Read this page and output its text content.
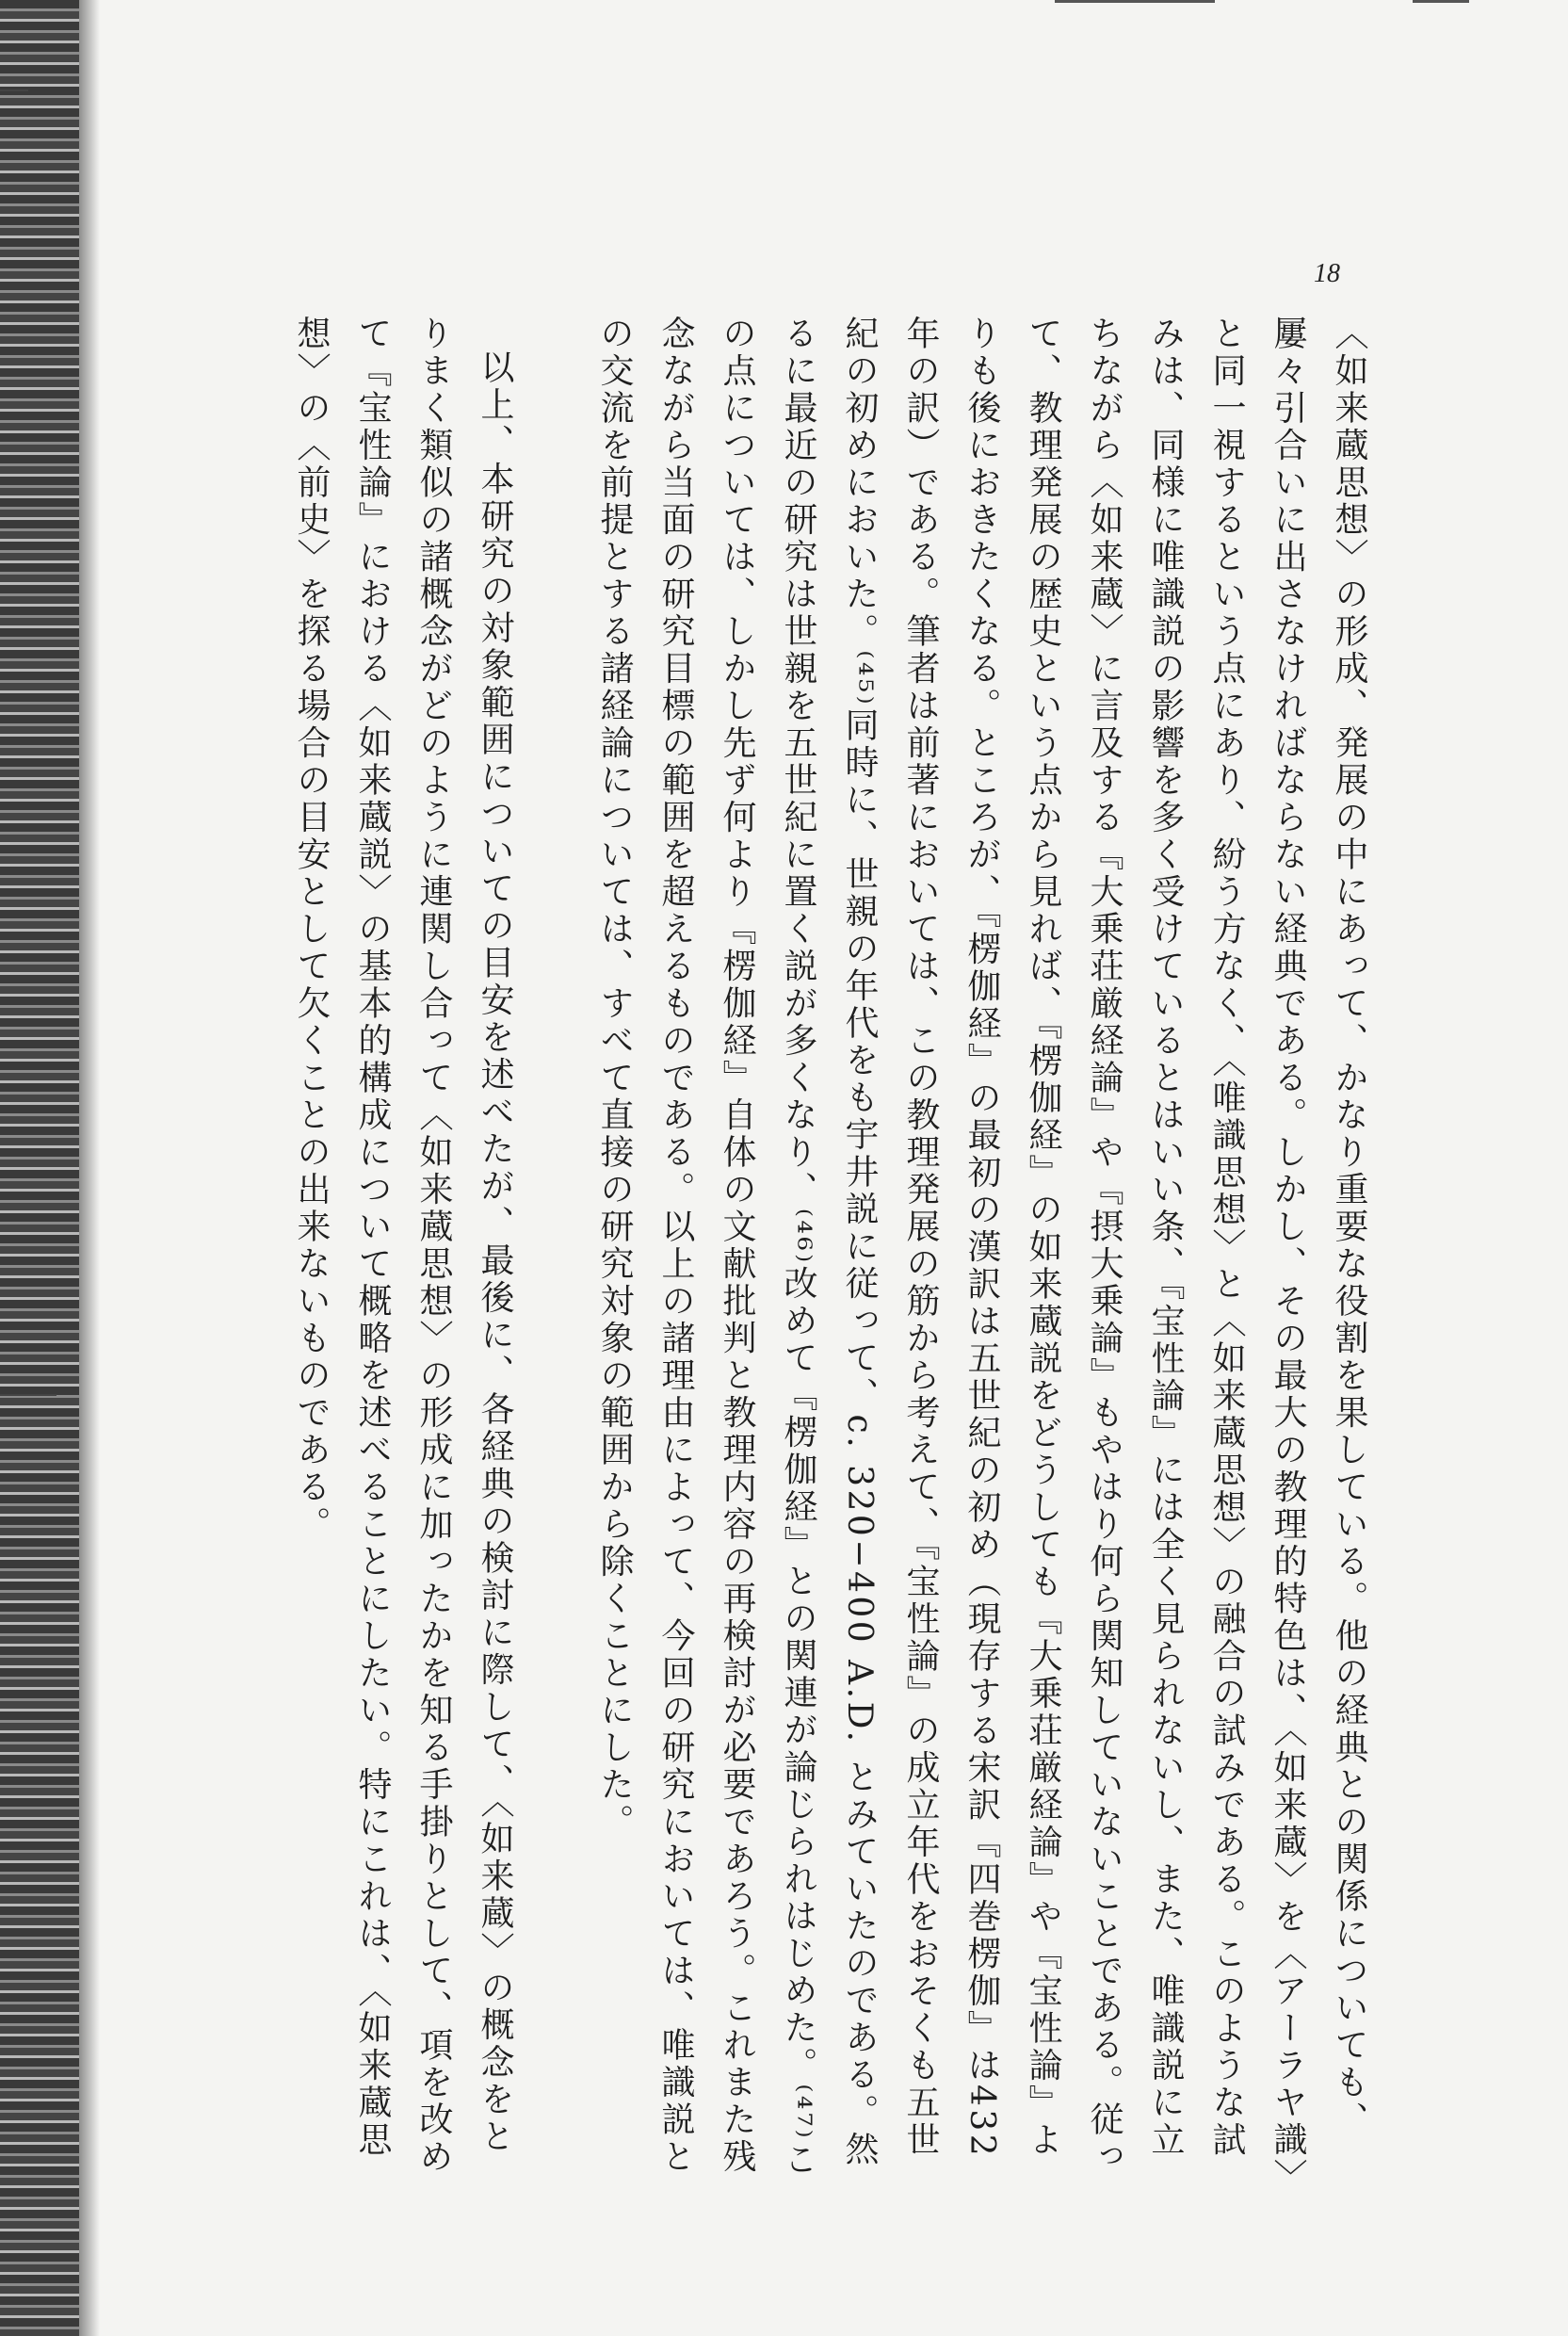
18

〈如来蔵思想〉の形成、発展の中にあって、かなり重要な役割を果している。他の経典との関係についても、屢々引合いに出さなければならない経典である。しかし、その最大の教理的特色は、〈如来蔵〉を〈アーラヤ識〉と同一視するという点にあり、紛う方なく、〈唯識思想〉と〈如来蔵思想〉の融合の試みである。このような試みは、同様に唯識説の影響を多く受けているとはいい条、『宝性論』には全く見られないし、また、唯識説に立ちながら〈如来蔵〉に言及する『大乗荘厳経論』や『摂大乗論』もやはり何ら関知していないことである。従って、教理発展の歴史という点から見れば、『楞伽経』の如来蔵説をどうしても『大乗荘厳経論』や『宝性論』よりも後におきたくなる。ところが、『楞伽経』の最初の漢訳は五世紀の初め（現存する宋訳『四巻楞伽』は432年の訳）である。筆者は前著においては、この教理発展の筋から考えて、『宝性論』の成立年代をおそくも五世紀の初めにおいた。⁽⁴⁵⁾同時に、世親の年代をも宇井説に従って、c. 320−400 A.D. とみていたのである。然るに最近の研究は世親を五世紀に置く説が多くなり、⁽⁴⁶⁾改めて『楞伽経』との関連が論じられはじめた。⁽⁴⁷⁾この点については、しかし先ず何より『楞伽経』自体の文献批判と教理内容の再検討が必要であろう。これまた残念ながら当面の研究目標の範囲を超えるものである。以上の諸理由によって、今回の研究においては、唯識説との交流を前提とする諸経論については、すべて直接の研究対象の範囲から除くことにした。

以上、本研究の対象範囲についての目安を述べたが、最後に、各経典の検討に際して、〈如来蔵〉の概念をとりまく類似の諸概念がどのように連関し合って〈如来蔵思想〉の形成に加ったかを知る手掛りとして、項を改めて『宝性論』における〈如来蔵説〉の基本的構成について概略を述べることにしたい。特にこれは、〈如来蔵思想〉の〈前史〉を探る場合の目安として欠くことの出来ないものである。
